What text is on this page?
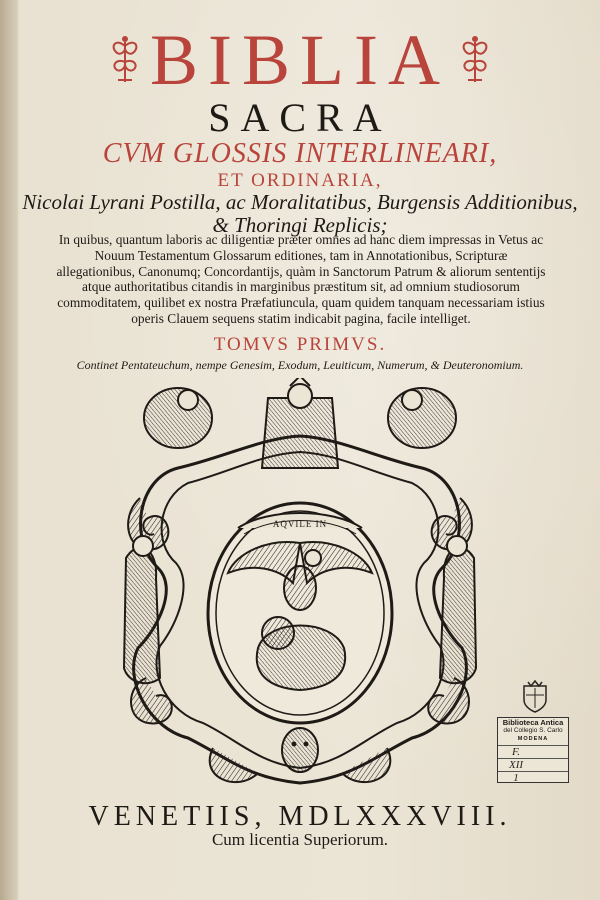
BIBLIA
SACRA
CVM GLOSSIS INTERLINEARI,
ET ORDINARIA,
Nicolai Lyrani Postilla, ac Moralitatibus, Burgensis Additionibus,
& Thoringi Replicis;
In quibus, quantum laboris ac diligentiæ præter omnes ad hanc diem impressas in Vetus ac Nouum Testamentum Glossarum editiones, tam in Annotationibus, Scripturæ allegationibus, Canonumq; Concordantijs, quàm in Sanctorum Patrum & aliorum sententijs atque authoritatibus citandis in marginibus præstitum sit, ad omnium studiosorum commoditatem, quilibet ex nostra Præfatiuncula, quam quidem tanquam necessariam istius operis Clauem sequens statim indicabit pagina, facile intelliget.
TOMVS PRIMVS.
Continet Pentateuchum, nempe Genesim, Exodum, Leuiticum, Numerum, & Deuteronomium.
AQVILE IN
VENETIIS, MDLXXXVIII.
Cum licentia Superiorum.
Biblioteca Antica
del Collegio S. Carlo
MODENA
F.
XII
1
